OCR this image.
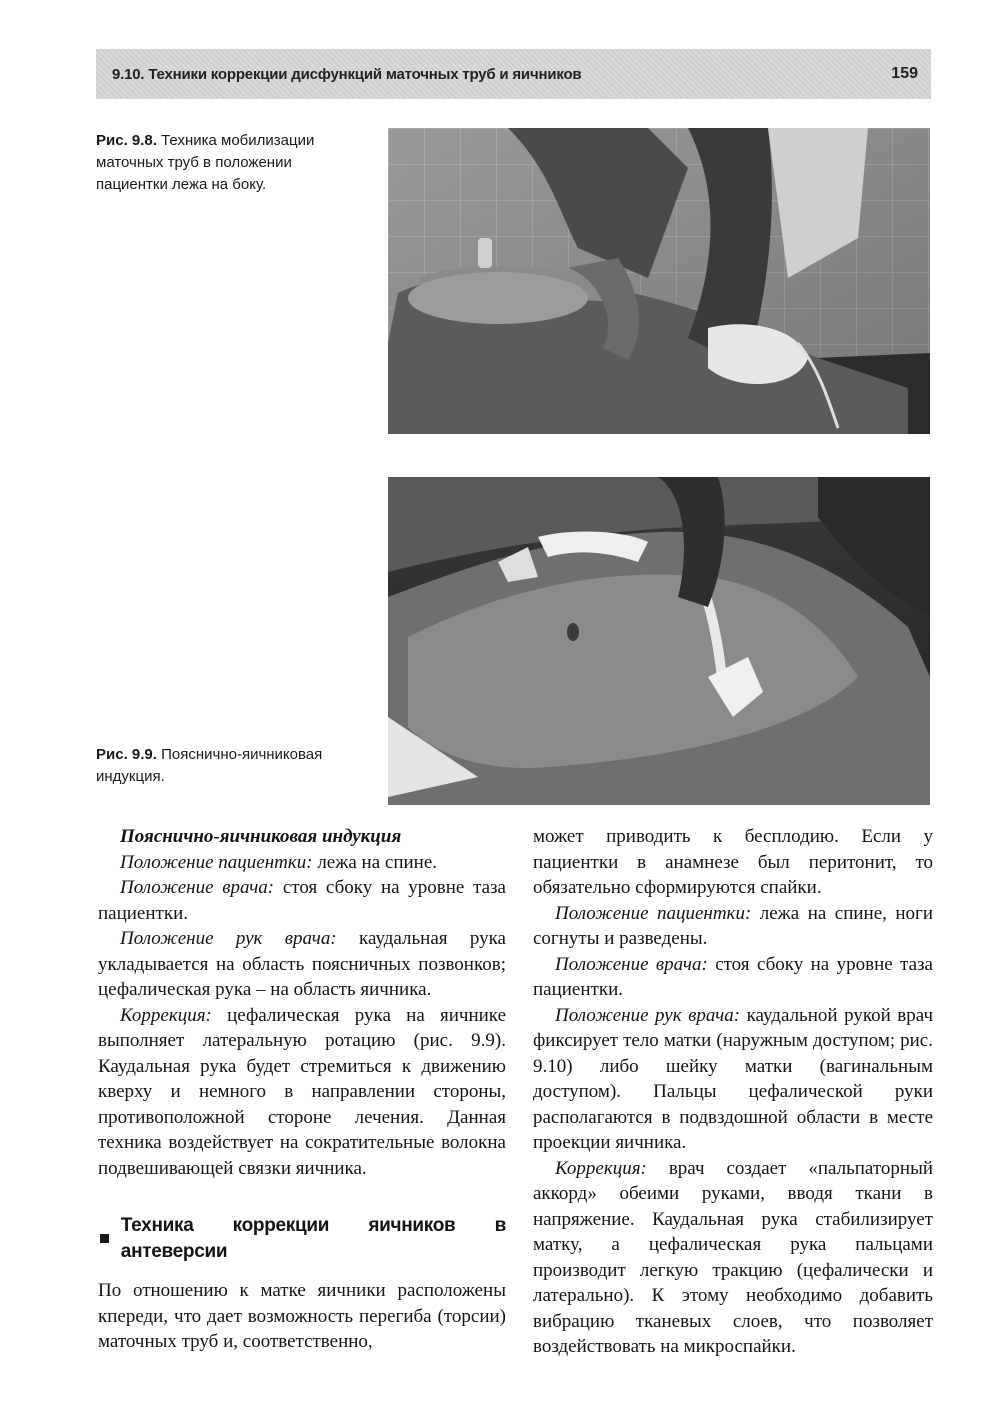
9.10. Техники коррекции дисфункций маточных труб и яичников	159
Рис. 9.8. Техника мобилизации маточных труб в положении пациентки лежа на боку.
Рис. 9.9. Пояснично-яичниковая индукция.

Пояснично-яичниковая индукция

Положение пациентки: лежа на спине.

Положение врача: стоя сбоку на уровне таза пациентки.

Положение рук врача: каудальная рука укладывается на область поясничных позвонков; цефалическая рука – на область яичника.

Коррекция: цефалическая рука на яичнике выполняет латеральную ротацию (рис. 9.9). Каудальная рука будет стремиться к движению кверху и немного в направлении стороны, противоположной стороне лечения. Данная техника воздействует на сократительные волокна подвешивающей связки яичника.

Техника коррекции яичников в антеверсии

По отношению к матке яичники расположены кпереди, что дает возможность перегиба (торсии) маточных труб и, соответственно,

может приводить к бесплодию. Если у пациентки в анамнезе был перитонит, то обязательно сформируются спайки.

Положение пациентки: лежа на спине, ноги согнуты и разведены.

Положение врача: стоя сбоку на уровне таза пациентки.

Положение рук врача: каудальной рукой врач фиксирует тело матки (наружным доступом; рис. 9.10) либо шейку матки (вагинальным доступом). Пальцы цефалической руки располагаются в подвздошной области в месте проекции яичника.

Коррекция: врач создает «пальпаторный аккорд» обеими руками, вводя ткани в напряжение. Каудальная рука стабилизирует матку, а цефалическая рука пальцами производит легкую тракцию (цефалически и латерально). К этому необходимо добавить вибрацию тканевых слоев, что позволяет воздействовать на микроспайки.
